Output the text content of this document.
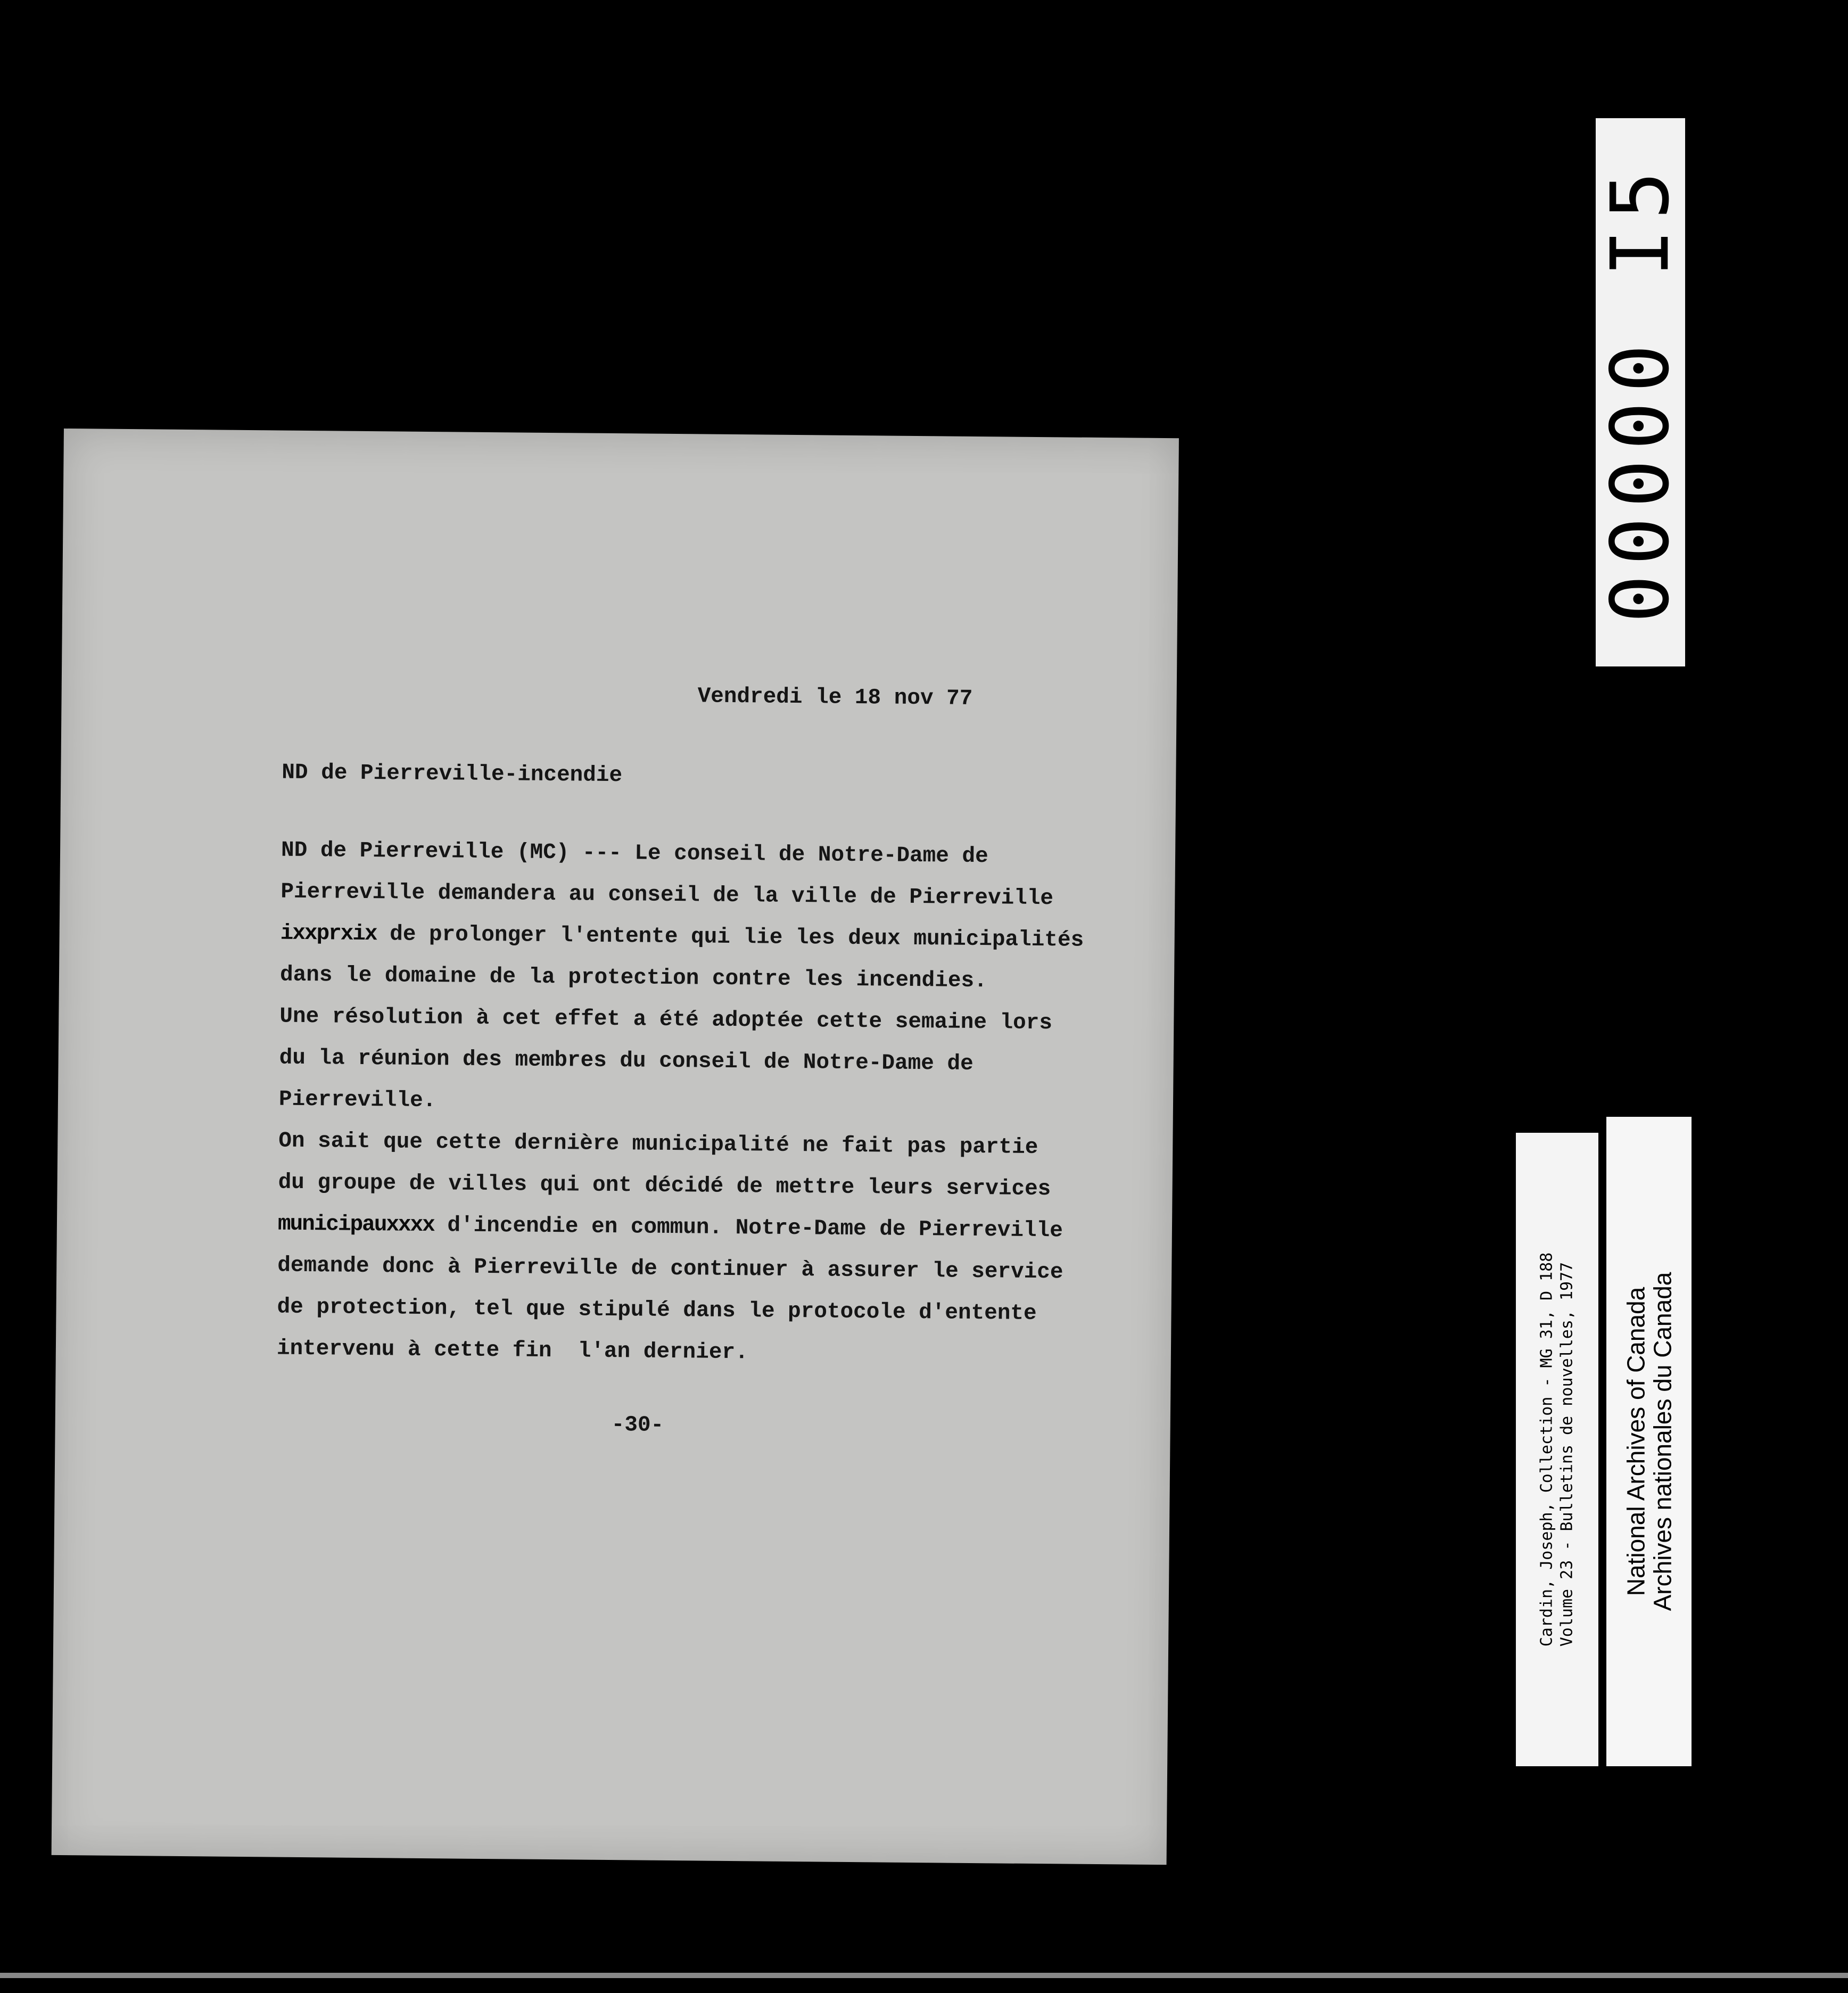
Vendredi le 18 nov 77
ND de Pierreville-incendie
ND de Pierreville (MC) --- Le conseil de Notre-Dame de
Pierreville demandera au conseil de la ville de Pierreville
ixxprxix de prolonger l'entente qui lie les deux municipalités
dans le domaine de la protection contre les incendies.
Une résolution à cet effet a été adoptée cette semaine lors
du la réunion des membres du conseil de Notre-Dame de
Pierreville.
On sait que cette dernière municipalité ne fait pas partie
du groupe de villes qui ont décidé de mettre leurs services
municipauxxxx d'incendie en commun. Notre-Dame de Pierreville
demande donc à Pierreville de continuer à assurer le service
de protection, tel que stipulé dans le protocole d'entente
intervenu à cette fin  l'an dernier.
-30-
00000 I5
Cardin, Joseph, Collection - MG 31, D 188 Volume 23 - Bulletins de nouvelles, 1977 National Archives of Canada
Archives nationales du Canada
